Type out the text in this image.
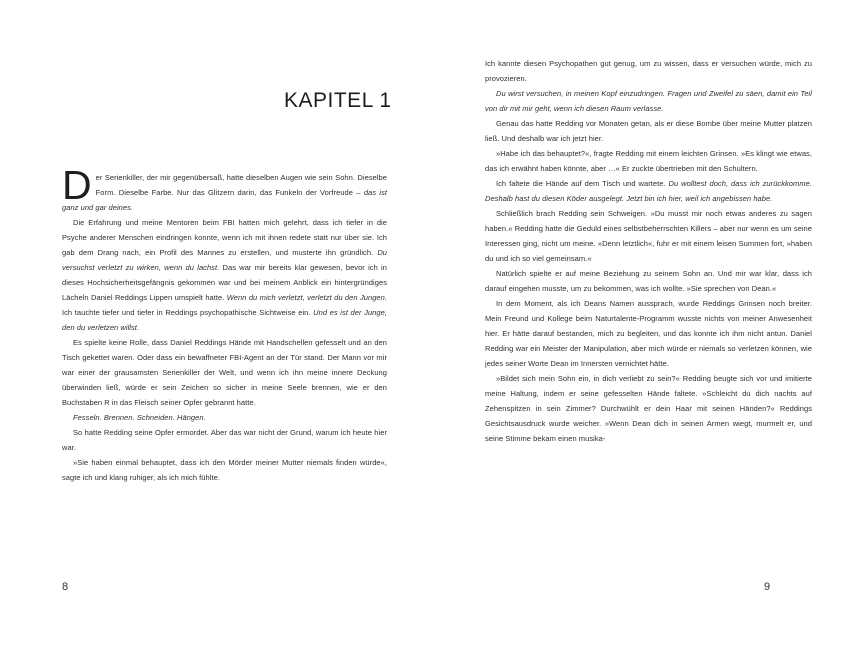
KAPITEL 1

Der Serienkiller, der mir gegenübersaß, hatte dieselben Augen wie sein Sohn. Dieselbe Form. Dieselbe Farbe. Nur das Glitzern darin, das Funkeln der Vorfreude – das ist ganz und gar deines.

Die Erfahrung und meine Mentoren beim FBI hatten mich gelehrt, dass ich tiefer in die Psyche anderer Menschen eindringen konnte, wenn ich mit ihnen redete statt nur über sie. Ich gab dem Drang nach, ein Profil des Mannes zu erstellen, und musterte ihn gründlich. Du versuchst verletzt zu wirken, wenn du lachst. Das war mir bereits klar gewesen, bevor ich in dieses Hochsicherheitsgefängnis gekommen war und bei meinem Anblick ein hintergründiges Lächeln Daniel Reddings Lippen umspielt hatte. Wenn du mich verletzt, verletzt du den Jungen. Ich tauchte tiefer und tiefer in Reddings psychopathische Sichtweise ein. Und es ist der Junge, den du verletzen willst.

Es spielte keine Rolle, dass Daniel Reddings Hände mit Handschellen gefesselt und an den Tisch gekettet waren. Oder dass ein bewaffneter FBI-Agent an der Tür stand. Der Mann vor mir war einer der grausamsten Serienkiller der Welt, und wenn ich ihn meine innere Deckung überwinden ließ, würde er sein Zeichen so sicher in meine Seele brennen, wie er den Buchstaben R in das Fleisch seiner Opfer gebrannt hatte.

Fesseln. Brennen. Schneiden. Hängen.

So hatte Redding seine Opfer ermordet. Aber das war nicht der Grund, warum ich heute hier war.

»Sie haben einmal behauptet, dass ich den Mörder meiner Mutter niemals finden würde«, sagte ich und klang ruhiger, als ich mich fühlte.

8

Ich kannte diesen Psychopathen gut genug, um zu wissen, dass er versuchen würde, mich zu provozieren.

Du wirst versuchen, in meinen Kopf einzudringen. Fragen und Zweifel zu säen, damit ein Teil von dir mit mir geht, wenn ich diesen Raum verlasse.

Genau das hatte Redding vor Monaten getan, als er diese Bombe über meine Mutter platzen ließ. Und deshalb war ich jetzt hier.

»Habe ich das behauptet?«, fragte Redding mit einem leichten Grinsen. »Es klingt wie etwas, das ich erwähnt haben könnte, aber …« Er zuckte übertrieben mit den Schultern.

Ich faltete die Hände auf dem Tisch und wartete. Du wolltest doch, dass ich zurückkomme. Deshalb hast du diesen Köder ausgelegt. Jetzt bin ich hier, weil ich angebissen habe.

Schließlich brach Redding sein Schweigen. »Du musst mir noch etwas anderes zu sagen haben.« Redding hatte die Geduld eines selbstbeherrschten Killers – aber nur wenn es um seine Interessen ging, nicht um meine. »Denn letztlich«, fuhr er mit einem leisen Summen fort, »haben du und ich so viel gemeinsam.«

Natürlich spielte er auf meine Beziehung zu seinem Sohn an. Und mir war klar, dass ich darauf eingehen musste, um zu bekommen, was ich wollte. »Sie sprechen von Dean.«

In dem Moment, als ich Deans Namen aussprach, wurde Reddings Grinsen noch breiter. Mein Freund und Kollege beim Naturtalente-Programm wusste nichts von meiner Anwesenheit hier. Er hätte darauf bestanden, mich zu begleiten, und das konnte ich ihm nicht antun. Daniel Redding war ein Meister der Manipulation, aber mich würde er niemals so verletzen können, wie jedes seiner Worte Dean im Innersten vernichtet hätte.

»Bildet sich mein Sohn ein, in dich verliebt zu sein?« Redding beugte sich vor und imitierte meine Haltung, indem er seine gefesselten Hände faltete. »Schleicht du dich nachts auf Zehenspitzen in sein Zimmer? Durchwühlt er dein Haar mit seinen Händen?« Reddings Gesichtsausdruck wurde weicher. »Wenn Dean dich in seinen Armen wiegt, murmelt er, und seine Stimme bekam einen musika-

9
